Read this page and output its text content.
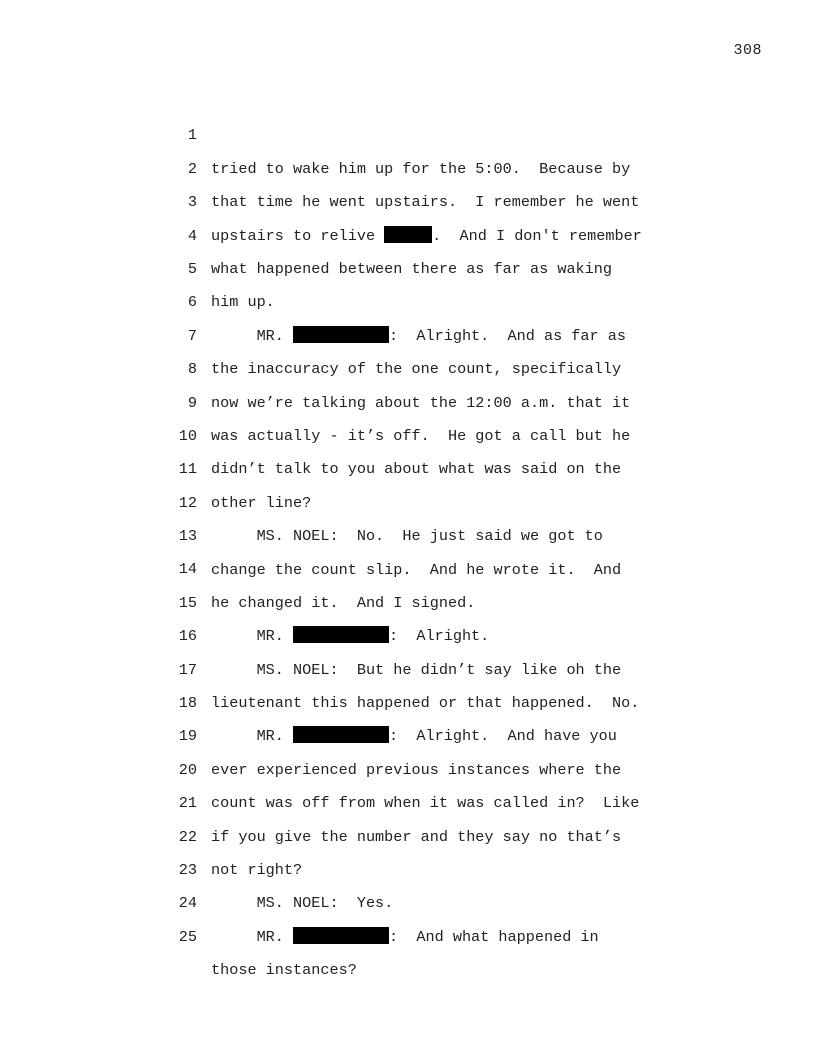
308

1

tried to wake him up for the 5:00.  Because by

2

that time he went upstairs.  I remember he went

3

upstairs to relive	.  And I don't remember

4

what happened between there as far as waking

5

him up.

6

MR.	:  Alright.  And as far as

7

the inaccuracy of the one count, specifically

8

now we’re talking about the 12:00 a.m. that it

9

was actually - it’s off.  He got a call but he

10

didn’t talk to you about what was said on the

11

other line?

12

MS. NOEL:  No.  He just said we got to

13

change the count slip.  And he wrote it.  And

14

he changed it.  And I signed.

15

MR.	:  Alright.

16

MS. NOEL:  But he didn’t say like oh the

17

lieutenant this happened or that happened.  No.

18

MR.	:  Alright.  And have you

19

ever experienced previous instances where the

20

count was off from when it was called in?  Like

21

if you give the number and they say no that’s

22

not right?

23

MS. NOEL:  Yes.

24

MR.	:  And what happened in

25

those instances?
